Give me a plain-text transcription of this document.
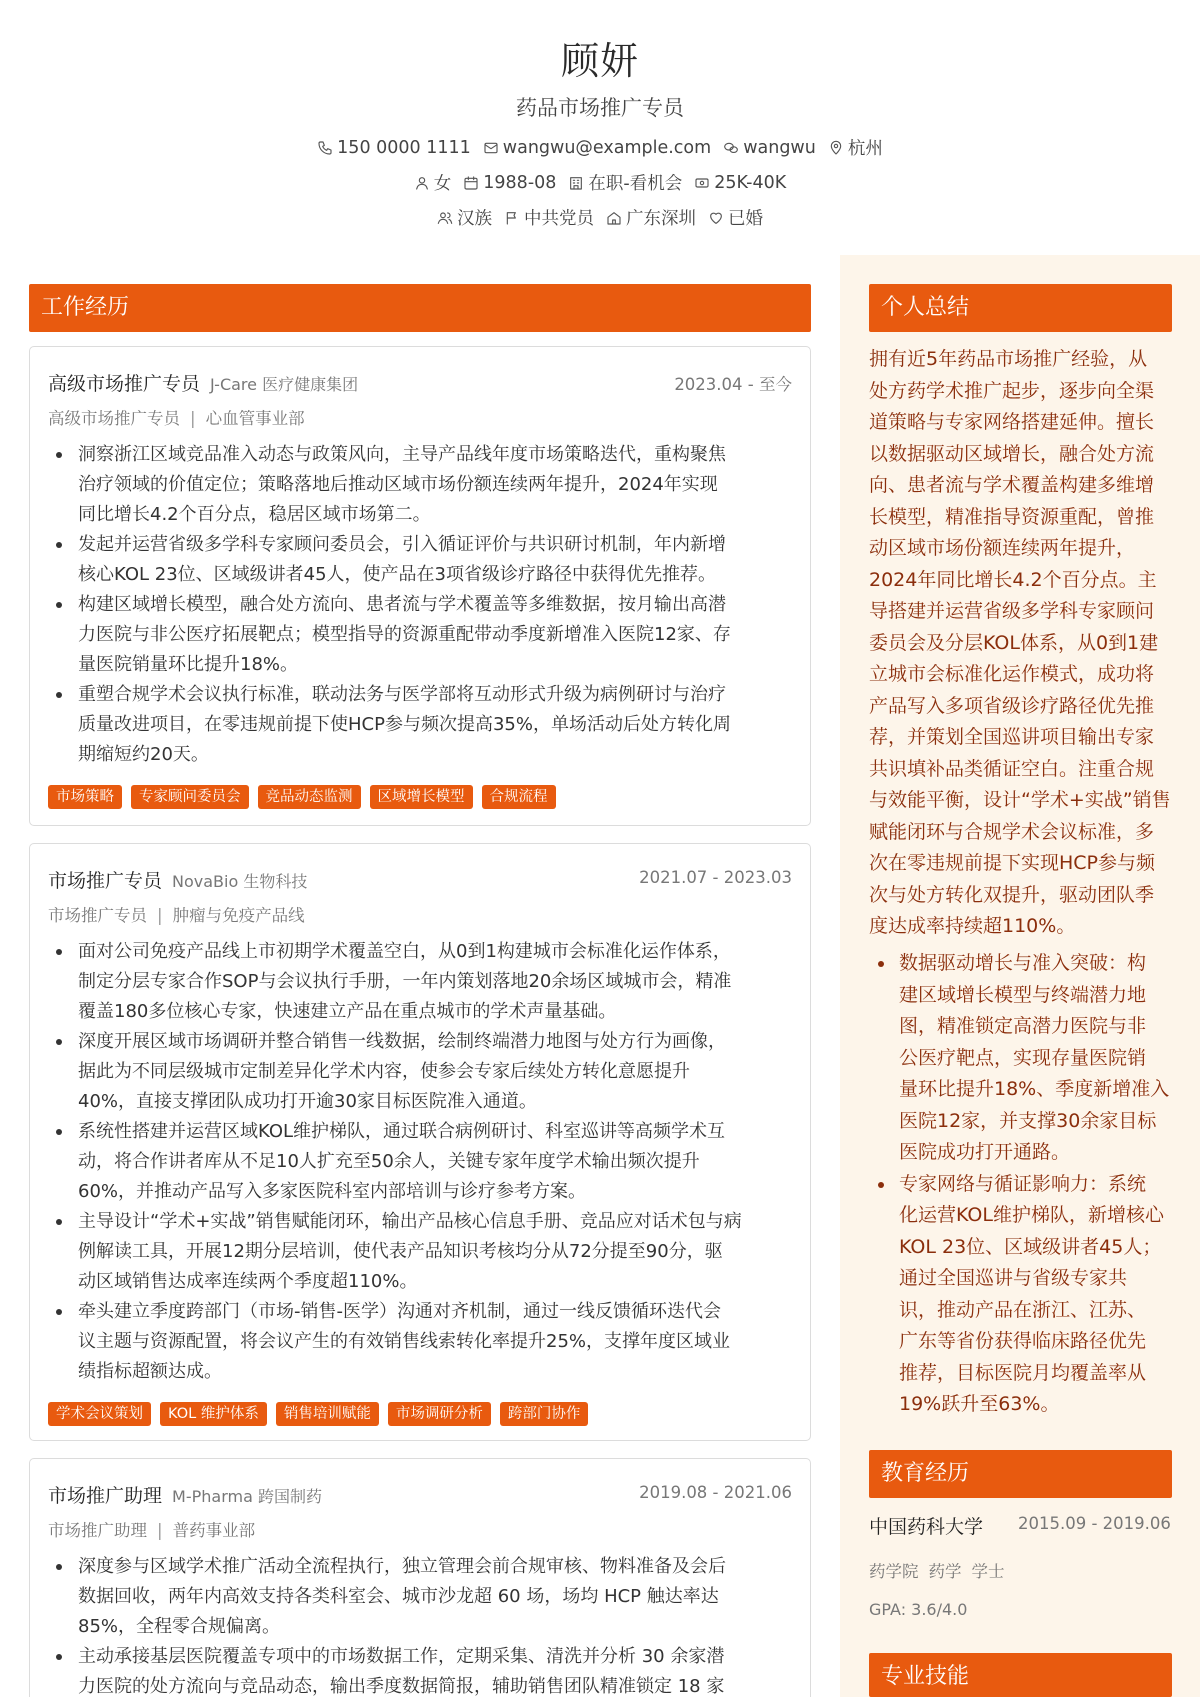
顾妍
药品市场推广专员
150 0000 1111 wangwu@example.com wangwu 杭州
女 1988-08 在职-看机会 25K-40K
汉族 中共党员 广东深圳 已婚
工作经历
高级市场推广专员 J-Care 医疗健康集团	2023.04 - 至今
高级市场推广专员 | 心血管事业部
洞察浙江区域竞品准入动态与政策风向，主导产品线年度市场策略迭代，重构聚焦
治疗领域的价值定位；策略落地后推动区域市场份额连续两年提升，2024年实现
同比增长4.2个百分点，稳居区域市场第二。
发起并运营省级多学科专家顾问委员会，引入循证评价与共识研讨机制，年内新增
核心KOL 23位、区域级讲者45人，使产品在3项省级诊疗路径中获得优先推荐。
构建区域增长模型，融合处方流向、患者流与学术覆盖等多维数据，按月输出高潜
力医院与非公医疗拓展靶点；模型指导的资源重配带动季度新增准入医院12家、存
量医院销量环比提升18%。
重塑合规学术会议执行标准，联动法务与医学部将互动形式升级为病例研讨与治疗
质量改进项目，在零违规前提下使HCP参与频次提高35%，单场活动后处方转化周
期缩短约20天。
市场策略	专家顾问委员会	竞品动态监测	区域增长模型	合规流程
市场推广专员 NovaBio 生物科技	2021.07 - 2023.03
市场推广专员 | 肿瘤与免疫产品线
面对公司免疫产品线上市初期学术覆盖空白，从0到1构建城市会标准化运作体系，
制定分层专家合作SOP与会议执行手册，一年内策划落地20余场区域城市会，精准
覆盖180多位核心专家，快速建立产品在重点城市的学术声量基础。
深度开展区域市场调研并整合销售一线数据，绘制终端潜力地图与处方行为画像，
据此为不同层级城市定制差异化学术内容，使参会专家后续处方转化意愿提升
40%，直接支撑团队成功打开逾30家目标医院准入通道。
系统性搭建并运营区域KOL维护梯队，通过联合病例研讨、科室巡讲等高频学术互
动，将合作讲者库从不足10人扩充至50余人，关键专家年度学术输出频次提升
60%，并推动产品写入多家医院科室内部培训与诊疗参考方案。
主导设计“学术+实战”销售赋能闭环，输出产品核心信息手册、竞品应对话术包与病
例解读工具，开展12期分层培训，使代表产品知识考核均分从72分提至90分，驱
动区域销售达成率连续两个季度超110%。
牵头建立季度跨部门（市场-销售-医学）沟通对齐机制，通过一线反馈循环迭代会
议主题与资源配置，将会议产生的有效销售线索转化率提升25%，支撑年度区域业
绩指标超额达成。
学术会议策划	KOL 维护体系	销售培训赋能	市场调研分析	跨部门协作
市场推广助理 M-Pharma 跨国制药	2019.08 - 2021.06
市场推广助理 | 普药事业部
深度参与区域学术推广活动全流程执行，独立管理会前合规审核、物料准备及会后
数据回收，两年内高效支持各类科室会、城市沙龙超 60 场，场均 HCP 触达率达
85%，全程零合规偏离。
主动承接基层医院覆盖专项中的市场数据工作，定期采集、清洗并分析 30 余家潜
力医院的处方流向与竞品动态，输出季度数据简报，辅助销售团队精准锁定 18 家
个人总结
拥有近5年药品市场推广经验，从
处方药学术推广起步，逐步向全渠
道策略与专家网络搭建延伸。擅长
以数据驱动区域增长，融合处方流
向、患者流与学术覆盖构建多维增
长模型，精准指导资源重配，曾推
动区域市场份额连续两年提升，
2024年同比增长4.2个百分点。主
导搭建并运营省级多学科专家顾问
委员会及分层KOL体系，从0到1建
立城市会标准化运作模式，成功将
产品写入多项省级诊疗路径优先推
荐，并策划全国巡讲项目输出专家
共识填补品类循证空白。注重合规
与效能平衡，设计“学术+实战”销售
赋能闭环与合规学术会议标准，多
次在零违规前提下实现HCP参与频
次与处方转化双提升，驱动团队季
度达成率持续超110%。
数据驱动增长与准入突破：构
建区域增长模型与终端潜力地
图，精准锁定高潜力医院与非
公医疗靶点，实现存量医院销
量环比提升18%、季度新增准入
医院12家，并支撑30余家目标
医院成功打开通路。
专家网络与循证影响力：系统
化运营KOL维护梯队，新增核心
KOL 23位、区域级讲者45人；
通过全国巡讲与省级专家共
识，推动产品在浙江、江苏、
广东等省份获得临床路径优先
推荐，目标医院月均覆盖率从
19%跃升至63%。
教育经历
中国药科大学 2015.09 - 2019.06
药学院 药学 学士
GPA: 3.6/4.0
专业技能
